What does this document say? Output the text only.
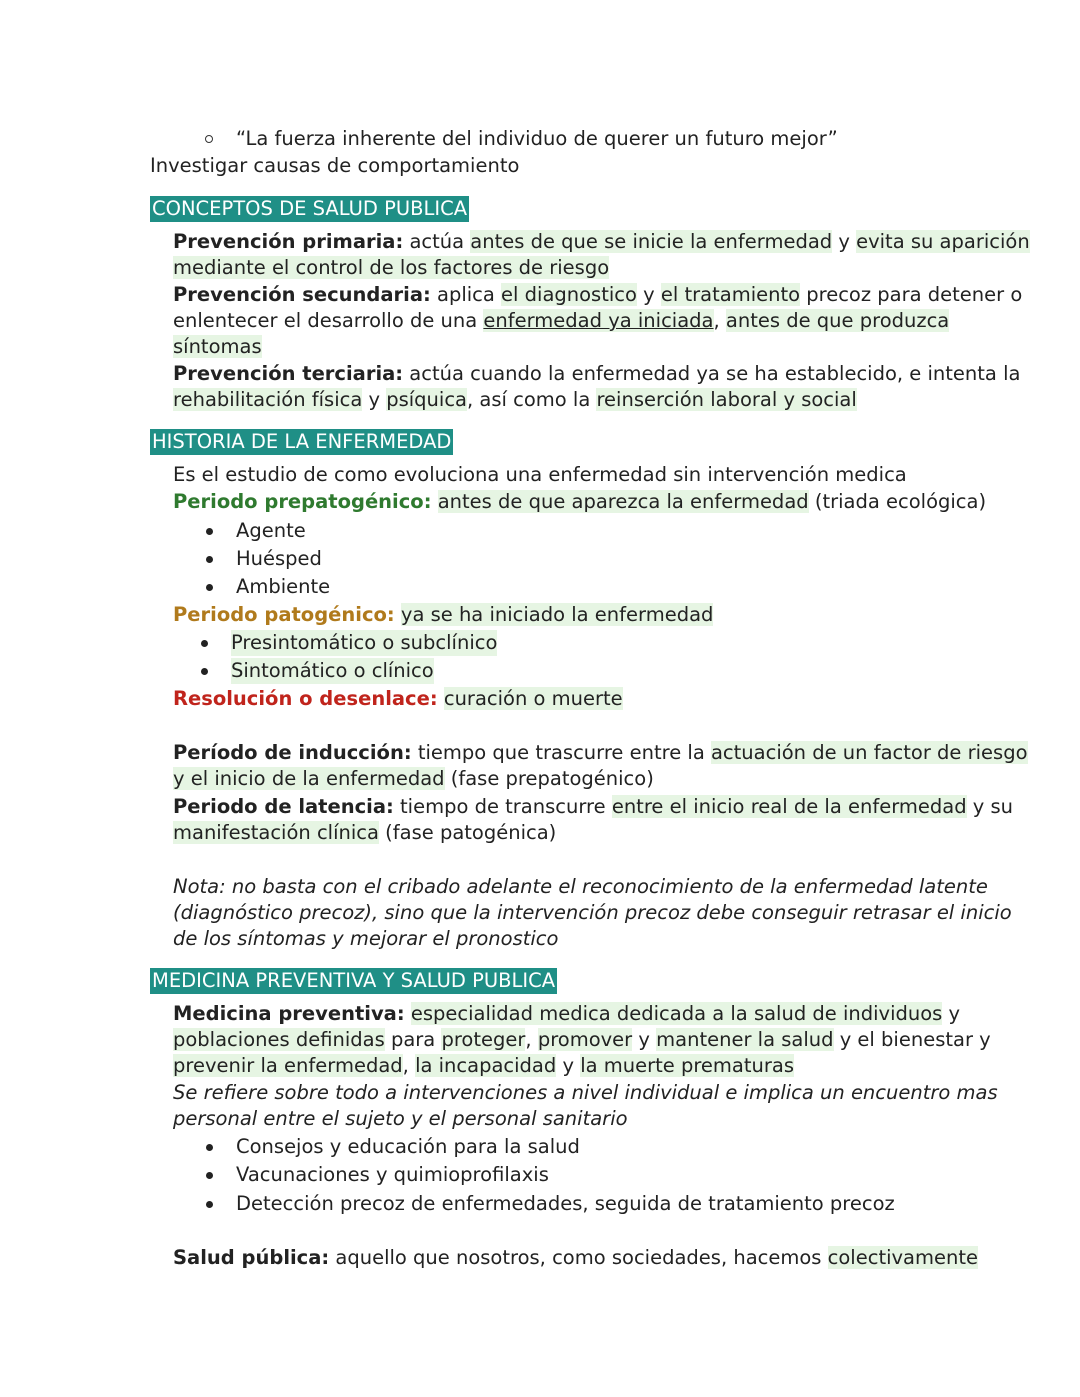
“La fuerza inherente del individuo de querer un futuro mejor”
Investigar causas de comportamiento
CONCEPTOS DE SALUD PUBLICA
Prevención primaria: actúa antes de que se inicie la enfermedad y evita su aparición
mediante el control de los factores de riesgo
Prevención secundaria: aplica el diagnostico y el tratamiento precoz para detener o
enlentecer el desarrollo de una enfermedad ya iniciada, antes de que produzca
síntomas
Prevención terciaria: actúa cuando la enfermedad ya se ha establecido, e intenta la
rehabilitación física y psíquica, así como la reinserción laboral y social
HISTORIA DE LA ENFERMEDAD
Es el estudio de como evoluciona una enfermedad sin intervención medica
Periodo prepatogénico: antes de que aparezca la enfermedad (triada ecológica)
Agente
Huésped
Ambiente
Periodo patogénico: ya se ha iniciado la enfermedad
Presintomático o subclínico
Sintomático o clínico
Resolución o desenlace: curación o muerte
Período de inducción: tiempo que trascurre entre la actuación de un factor de riesgo
y el inicio de la enfermedad (fase prepatogénico)
Periodo de latencia: tiempo de transcurre entre el inicio real de la enfermedad y su
manifestación clínica (fase patogénica)
Nota: no basta con el cribado adelante el reconocimiento de la enfermedad latente
(diagnóstico precoz), sino que la intervención precoz debe conseguir retrasar el inicio
de los síntomas y mejorar el pronostico
MEDICINA PREVENTIVA Y SALUD PUBLICA
Medicina preventiva: especialidad medica dedicada a la salud de individuos y
poblaciones definidas para proteger, promover y mantener la salud y el bienestar y
prevenir la enfermedad, la incapacidad y la muerte prematuras
Se refiere sobre todo a intervenciones a nivel individual e implica un encuentro mas
personal entre el sujeto y el personal sanitario
Consejos y educación para la salud
Vacunaciones y quimioprofilaxis
Detección precoz de enfermedades, seguida de tratamiento precoz
Salud pública: aquello que nosotros, como sociedades, hacemos colectivamente
